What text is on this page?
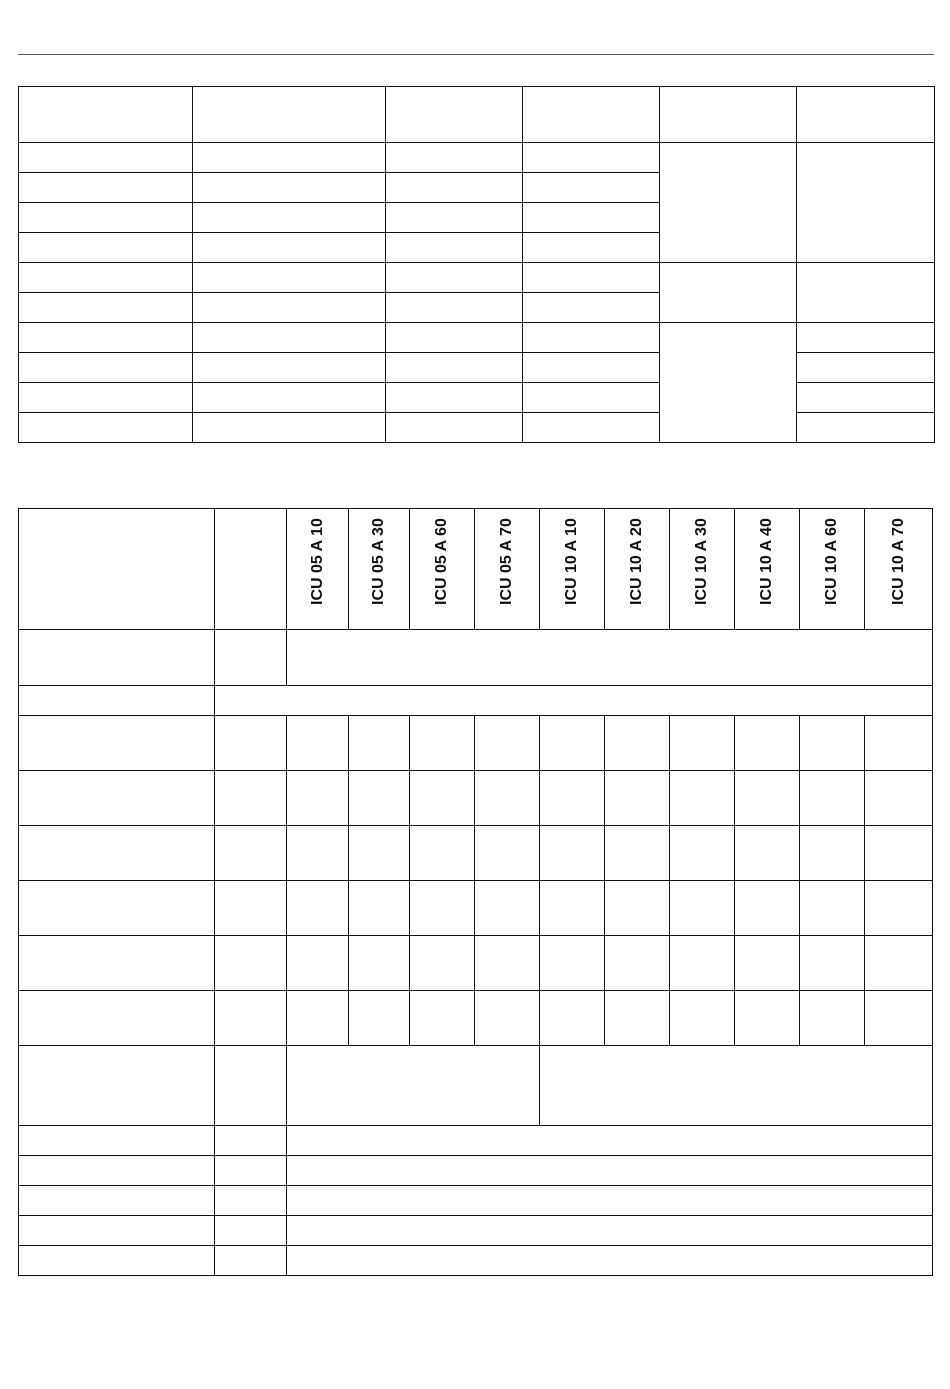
		ICU 05 A 10	ICU 05 A 30	ICU 05 A 60	ICU 05 A 70	ICU 10 A 10	ICU 10 A 20	ICU 10 A 30	ICU 10 A 40	ICU 10 A 60	ICU 10 A 70
